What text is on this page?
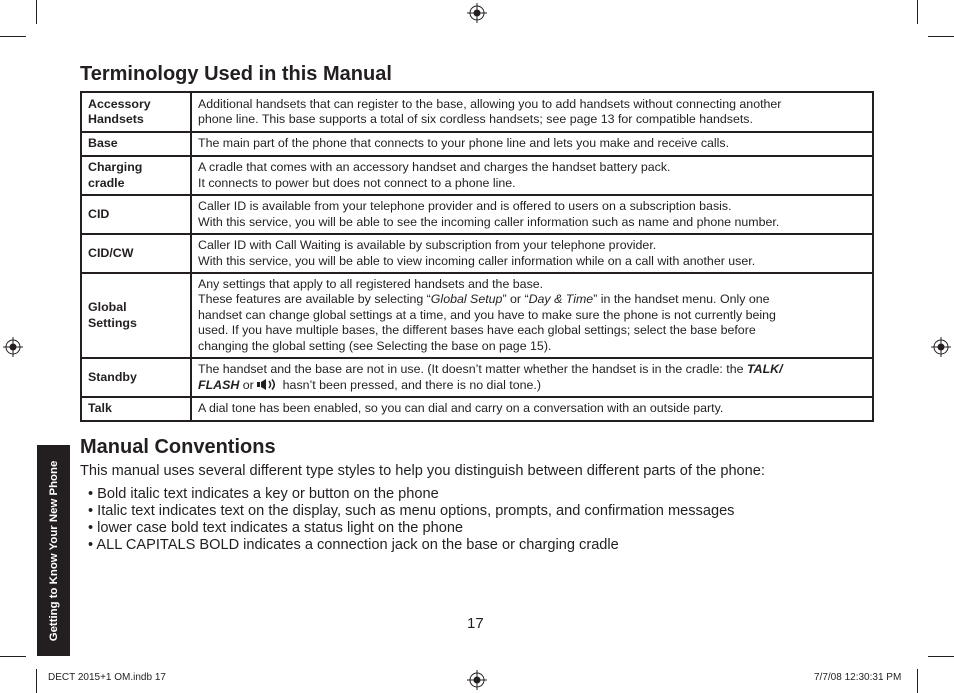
Terminology Used in this Manual
Accessory
Handsets	Additional handsets that can register to the base, allowing you to add handsets without connecting another
phone line. This base supports a total of six cordless handsets; see page 13 for compatible handsets.

Base	The main part of the phone that connects to your phone line and lets you make and receive calls.

Charging
cradle	A cradle that comes with an accessory handset and charges the handset battery pack.
It connects to power but does not connect to a phone line.

CID	Caller ID is available from your telephone provider and is offered to users on a subscription basis.
With this service, you will be able to see the incoming caller information such as name and phone number.

CID/CW	Caller ID with Call Waiting is available by subscription from your telephone provider.
With this service, you will be able to view incoming caller information while on a call with another user.

Global
Settings	Any settings that apply to all registered handsets and the base.
These features are available by selecting “Global Setup” or “Day & Time” in the handset menu. Only one
handset can change global settings at a time, and you have to make sure the phone is not currently being
used. If you have multiple bases, the different bases have each global settings; select the base before
changing the global setting (see Selecting the base on page 15).

Standby	The handset and the base are not in use. (It doesn’t matter whether the handset is in the cradle: the TALK/
FLASH or  hasn’t been pressed, and there is no dial tone.)

Talk	A dial tone has been enabled, so you can dial and carry on a conversation with an outside party.
Manual Conventions

This manual uses several different type styles to help you distinguish between different parts of the phone:

• Bold italic text indicates a key or button on the phone
• Italic text indicates text on the display, such as menu options, prompts, and confirmation messages
• lower case bold text indicates a status light on the phone
• ALL CAPITALS BOLD indicates a connection jack on the base or charging cradle
Getting to Know Your New Phone	17
DECT 2015+1 OM.indb 17	7/7/08 12:30:31 PM
